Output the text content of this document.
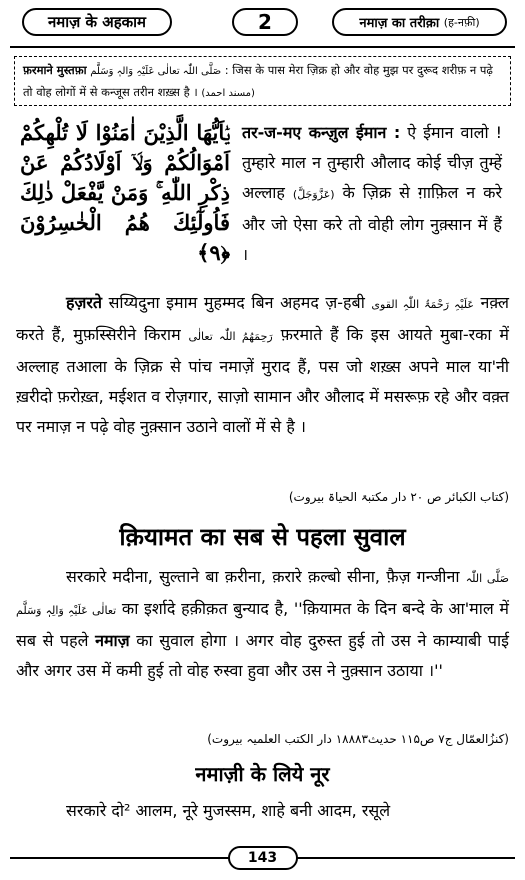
नमाज़ के अहकाम	2	नमाज़ का तरीक़ा
(ह-नफ़ी)
फ़रमाने मुस्तफ़ा صَلَّی اللّٰہ تعالٰی عَلَیْہِ وَالہٖ وَسَلَّم : जिस के पास मेरा ज़िक्र हो और वोह मुझ पर दुरूद शरीफ़ न पढ़े तो वोह लोगों में से कन्जूस तरीन शख़्स है । (مسند احمد)
يٰۤاَيُّهَا الَّذِيْنَ اٰمَنُوْا لَا تُلْهِكُمْ اَمْوَالُكُمْ وَلَاۤ اَوْلَادُكُمْ عَنْ ذِكْرِ اللّٰهِ ۚ وَمَنْ يَّفْعَلْ ذٰلِكَ فَاُولٰٓئِكَ هُمُ الْخٰسِرُوْنَ ﴿۹﴾
तर-ज-मए कन्ज़ुल ईमान : ऐ ईमान वालो ! तुम्हारे माल न तुम्हारी औलाद कोई चीज़ तुम्हें अल्लाह (عَزَّوَجَلَّ) के ज़िक्र से ग़ाफ़िल न करे और जो ऐसा करे तो वोही लोग नुक़्सान में हैं ।
हज़रते सय्यिदुना इमाम मुहम्मद बिन अहमद ज़-हबी عَلَیْہِ رَحْمَۃُ اللّٰہِ القوی नक़्ल करते हैं, मुफ़स्सिरीने किराम رَحِمَھُمُ اللّٰہ تعالٰی फ़रमाते हैं कि इस आयते मुबा-रका में अल्लाह तआला के ज़िक्र से पांच नमाज़ें मुराद हैं, पस जो शख़्स अपने माल या'नी ख़रीदो फ़रोख़्त, मईशत व रोज़गार, साज़ो सामान और औलाद में मसरूफ़ रहे और वक़्त पर नमाज़ न पढ़े वोह नुक़्सान उठाने वालों में से है ।
(کتاب الکبائر ص ۲۰ دار مکتبۃ الحیاۃ بیروت)
क़ियामत का सब से पहला सुवाल
सरकारे मदीना, सुल्ताने बा क़रीना, क़रारे क़ल्बो सीना, फ़ैज़ गन्जीना صَلَّی اللّٰہ تعالٰی عَلَیْہِ وَالِہٖ وَسَلَّم का इर्शादे हक़ीक़त बुन्याद है, ''क़ियामत के दिन बन्दे के आ'माल में सब से पहले नमाज़ का सुवाल होगा । अगर वोह दुरुस्त हुई तो उस ने काम्याबी पाई और अगर उस में कमी हुई तो वोह रुस्वा हुवा और उस ने नुक़्सान उठाया ।''
(کنزُالعمّال ج۷ ص۱۱۵ حدیث۱۸۸۸۳ دار الکتب العلمیہ بیروت)
नमाज़ी के लिये नूर
सरकारे दो² आलम, नूरे मुजस्सम, शाहे बनी आदम, रसूले
143
